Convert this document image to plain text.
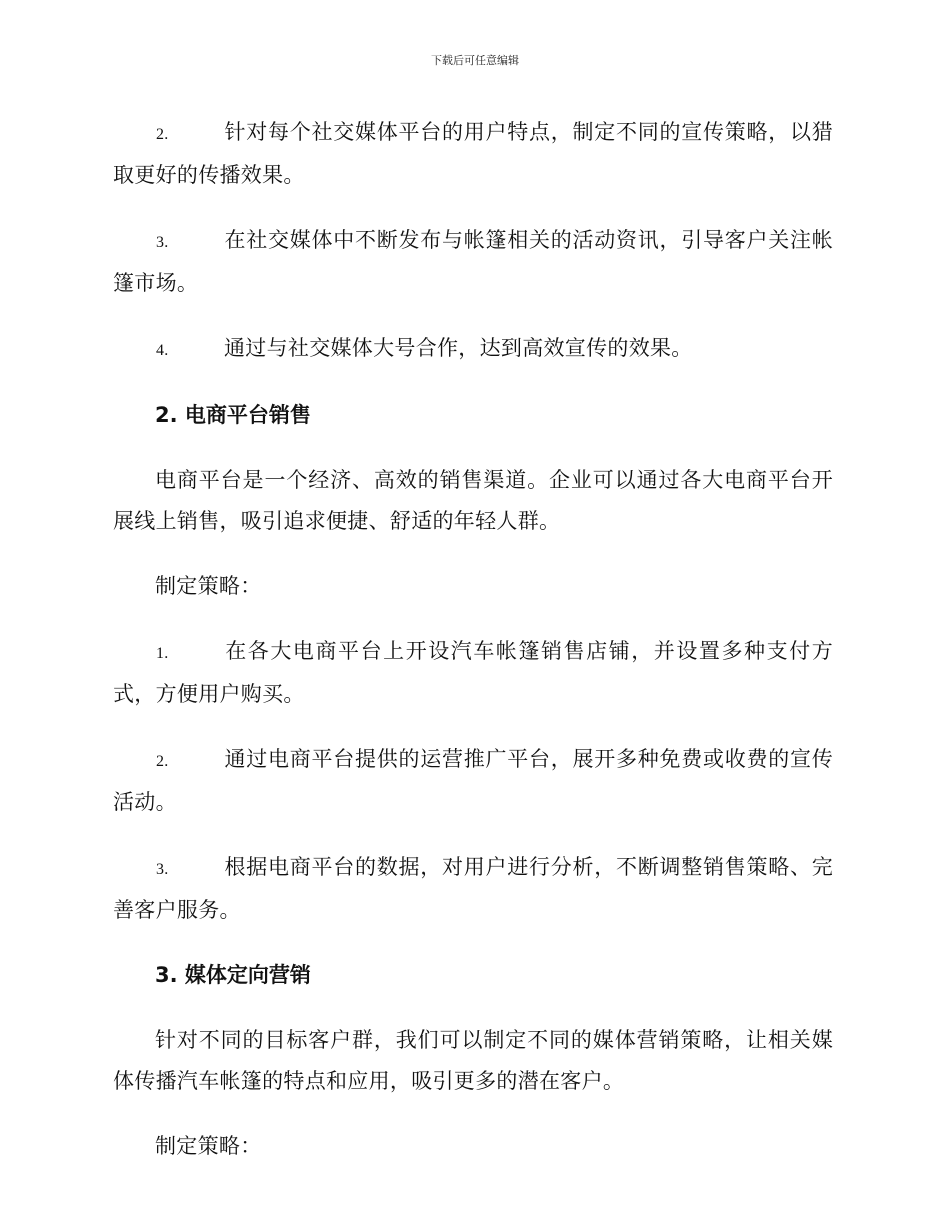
下载后可任意编辑

2.	针对每个社交媒体平台的用户特点，制定不同的宣传策略，以猎取更好的传播效果。

3.	在社交媒体中不断发布与帐篷相关的活动资讯，引导客户关注帐篷市场。

4.	通过与社交媒体大号合作，达到高效宣传的效果。

2. 电商平台销售

电商平台是一个经济、高效的销售渠道。企业可以通过各大电商平台开展线上销售，吸引追求便捷、舒适的年轻人群。

制定策略：

1.	在各大电商平台上开设汽车帐篷销售店铺，并设置多种支付方式，方便用户购买。

2.	通过电商平台提供的运营推广平台，展开多种免费或收费的宣传活动。

3.	根据电商平台的数据，对用户进行分析，不断调整销售策略、完善客户服务。

3. 媒体定向营销

针对不同的目标客户群，我们可以制定不同的媒体营销策略，让相关媒体传播汽车帐篷的特点和应用，吸引更多的潜在客户。

制定策略：
